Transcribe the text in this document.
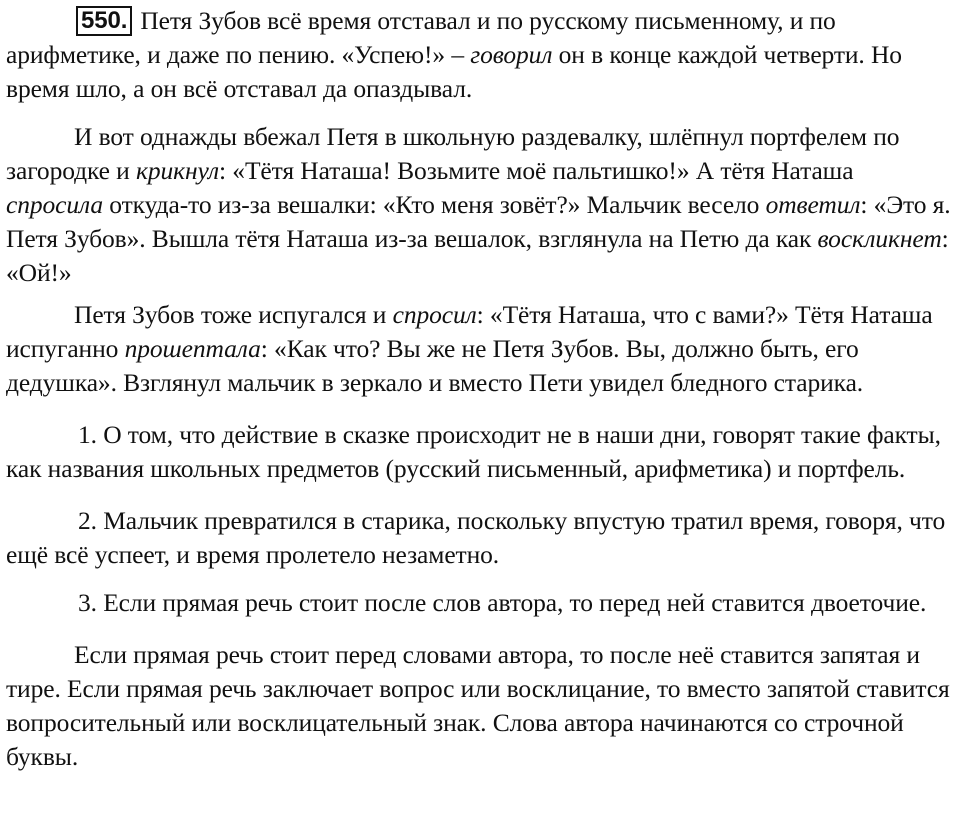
550. Петя Зубов всё время отставал и по русскому письменному, и по арифметике, и даже по пению. «Успею!» – говорил он в конце каждой четверти. Но время шло, а он всё отставал да опаздывал.

И вот однажды вбежал Петя в школьную раздевалку, шлёпнул портфелем по загородке и крикнул: «Тётя Наташа! Возьмите моё пальтишко!» А тётя Наташа спросила откуда-то из-за вешалки: «Кто меня зовёт?» Мальчик весело ответил: «Это я. Петя Зубов». Вышла тётя Наташа из-за вешалок, взглянула на Петю да как воскликнет: «Ой!»

Петя Зубов тоже испугался и спросил: «Тётя Наташа, что с вами?» Тётя Наташа испуганно прошептала: «Как что? Вы же не Петя Зубов. Вы, должно быть, его дедушка». Взглянул мальчик в зеркало и вместо Пети увидел бледного старика.

1. О том, что действие в сказке происходит не в наши дни, говорят такие факты, как названия школьных предметов (русский письменный, арифметика) и портфель.

2. Мальчик превратился в старика, поскольку впустую тратил время, говоря, что ещё всё успеет, и время пролетело незаметно.

3. Если прямая речь стоит после слов автора, то перед ней ставится двоеточие.

Если прямая речь стоит перед словами автора, то после неё ставится запятая и тире. Если прямая речь заключает вопрос или восклицание, то вместо запятой ставится вопросительный или восклицательный знак. Слова автора начинаются со строчной буквы.
